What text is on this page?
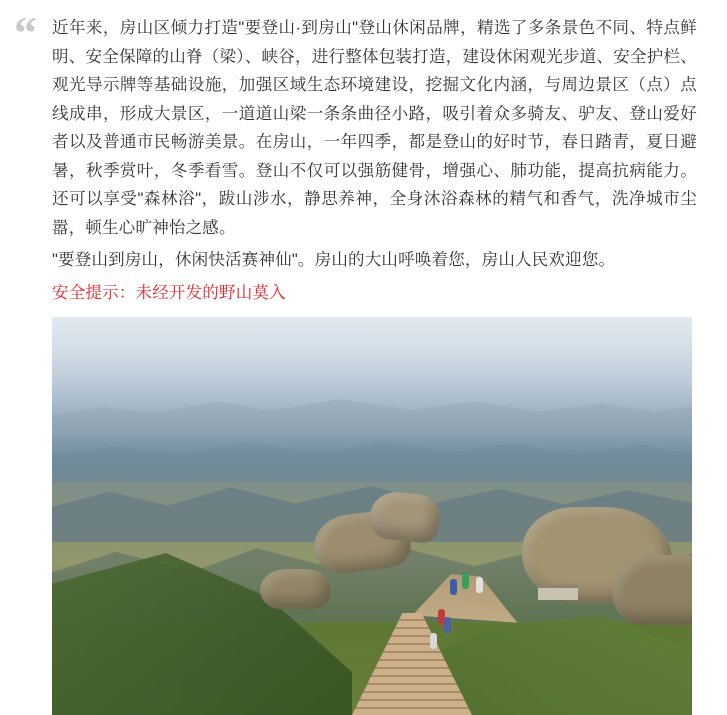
“ 近年来，房山区倾力打造"要登山·到房山"登山休闲品牌，精选了多条景色不同、特点鲜明、安全保障的山脊（梁）、峡谷，进行整体包装打造，建设休闲观光步道、安全护栏、观光导示牌等基础设施，加强区域生态环境建设，挖掘文化内涵，与周边景区（点）点线成串，形成大景区，一道道山梁一条条曲径小路，吸引着众多骑友、驴友、登山爱好者以及普通市民畅游美景。在房山，一年四季，都是登山的好时节，春日踏青，夏日避暑，秋季赏叶，冬季看雪。登山不仅可以强筋健骨，增强心、肺功能，提高抗病能力。还可以享受"森林浴"，跋山涉水，静思养神，全身沐浴森林的精气和香气，洗净城市尘嚣，顿生心旷神怡之感。

"要登山到房山，休闲快活赛神仙"。房山的大山呼唤着您，房山人民欢迎您。

安全提示：未经开发的野山莫入
